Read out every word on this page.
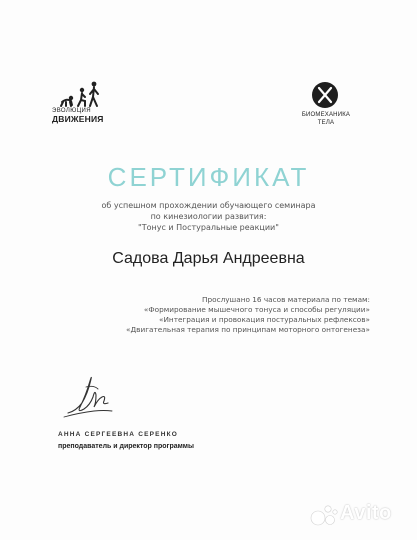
ЭВОЛЮЦИЯ
ДВИЖЕНИЯ	БИОМЕХАНИКА
ТЕЛА
СЕРТИФИКАТ
об успешном прохождении обучающего семинара
по кинезиологии развития:
"Тонус и Постуральные реакции"
Садова Дарья Андреевна
Прослушано 16 часов материала по темам:
«Формирование мышечного тонуса и способы регуляции»
«Интеграция и провокация постуральных рефлексов»
«Двигательная терапия по принципам моторного онтогенеза»
АННА СЕРГЕЕВНА СЕРЕНКО
преподаватель и директор программы
Avito
